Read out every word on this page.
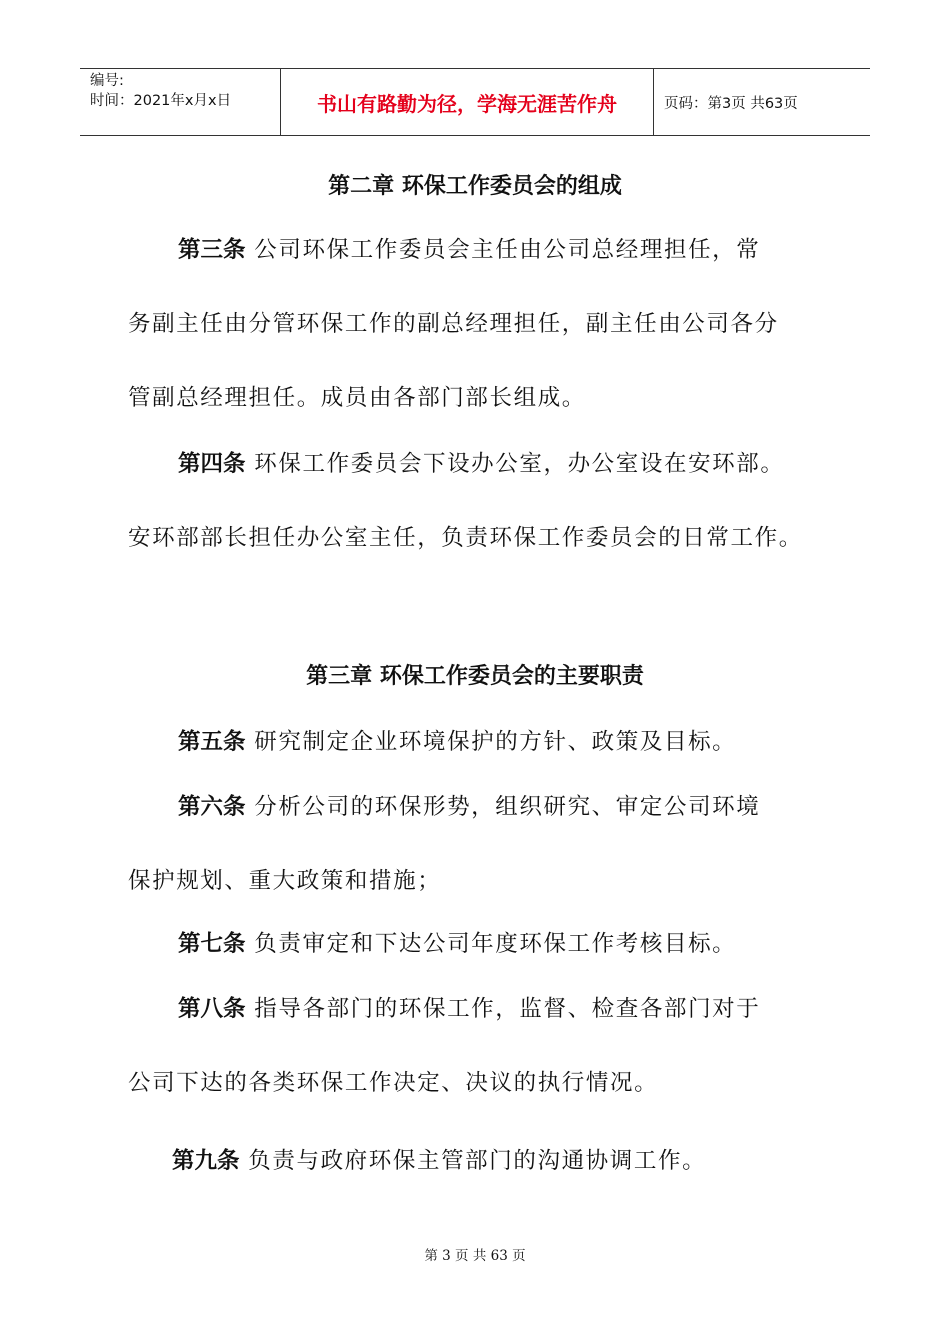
编号:
时间：2021年x月x日	书山有路勤为径，学海无涯苦作舟	页码：第3页 共63页
第二章 环保工作委员会的组成
第三条 公司环保工作委员会主任由公司总经理担任，常
务副主任由分管环保工作的副总经理担任，副主任由公司各分
管副总经理担任。成员由各部门部长组成。
第四条 环保工作委员会下设办公室，办公室设在安环部。
安环部部长担任办公室主任，负责环保工作委员会的日常工作。
第三章 环保工作委员会的主要职责
第五条 研究制定企业环境保护的方针、政策及目标。
第六条 分析公司的环保形势，组织研究、审定公司环境
保护规划、重大政策和措施；
第七条 负责审定和下达公司年度环保工作考核目标。
第八条 指导各部门的环保工作，监督、检查各部门对于
公司下达的各类环保工作决定、决议的执行情况。
第九条 负责与政府环保主管部门的沟通协调工作。
第 3 页 共 63 页
